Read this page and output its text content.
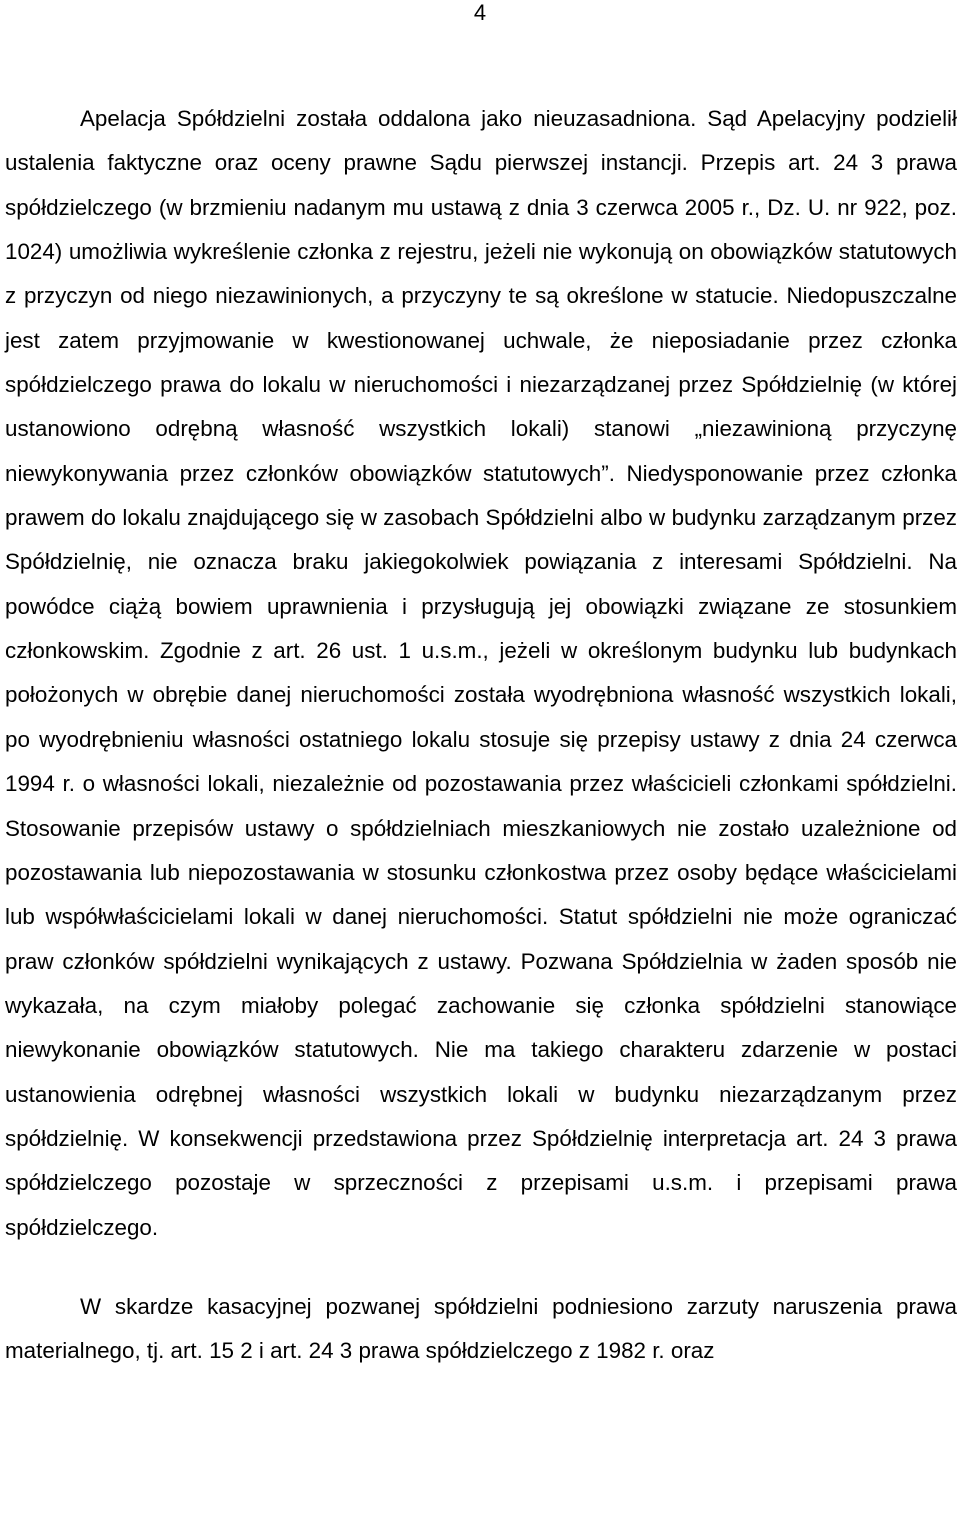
4

Apelacja Spółdzielni została oddalona jako nieuzasadniona. Sąd Apelacyjny podzielił ustalenia faktyczne oraz oceny prawne Sądu pierwszej instancji. Przepis art. 24 3 prawa spółdzielczego (w brzmieniu nadanym mu ustawą z dnia 3 czerwca 2005 r., Dz. U. nr 922, poz. 1024) umożliwia wykreślenie członka z rejestru, jeżeli nie wykonują on obowiązków statutowych z przyczyn od niego niezawinionych, a przyczyny te są określone w statucie. Niedopuszczalne jest zatem przyjmowanie w kwestionowanej uchwale, że nieposiadanie przez członka spółdzielczego prawa do lokalu w nieruchomości i niezarządzanej przez Spółdzielnię (w której ustanowiono odrębną własność wszystkich lokali) stanowi „niezawinioną przyczynę niewykonywania przez członków obowiązków statutowych”. Niedysponowanie przez członka prawem do lokalu znajdującego się w zasobach Spółdzielni albo w budynku zarządzanym przez Spółdzielnię, nie oznacza braku jakiegokolwiek powiązania z interesami Spółdzielni. Na powódce ciążą bowiem uprawnienia i przysługują jej obowiązki związane ze stosunkiem członkowskim. Zgodnie z art. 26 ust. 1 u.s.m., jeżeli w określonym budynku lub budynkach położonych w obrębie danej nieruchomości została wyodrębniona własność wszystkich lokali, po wyodrębnieniu własności ostatniego lokalu stosuje się przepisy ustawy z dnia 24 czerwca 1994 r. o własności lokali, niezależnie od pozostawania przez właścicieli członkami spółdzielni. Stosowanie przepisów ustawy o spółdzielniach mieszkaniowych nie zostało uzależnione od pozostawania lub niepozostawania w stosunku członkostwa przez osoby będące właścicielami lub współwłaścicielami lokali w danej nieruchomości. Statut spółdzielni nie może ograniczać praw członków spółdzielni wynikających z ustawy. Pozwana Spółdzielnia w żaden sposób nie wykazała, na czym miałoby polegać zachowanie się członka spółdzielni stanowiące niewykonanie obowiązków statutowych. Nie ma takiego charakteru zdarzenie w postaci ustanowienia odrębnej własności wszystkich lokali w budynku niezarządzanym przez spółdzielnię. W konsekwencji przedstawiona przez Spółdzielnię interpretacja art. 24 3 prawa spółdzielczego pozostaje w sprzeczności z przepisami u.s.m. i przepisami prawa spółdzielczego.

W skardze kasacyjnej pozwanej spółdzielni podniesiono zarzuty naruszenia prawa materialnego, tj. art. 15 2 i art. 24 3 prawa spółdzielczego z 1982 r. oraz
